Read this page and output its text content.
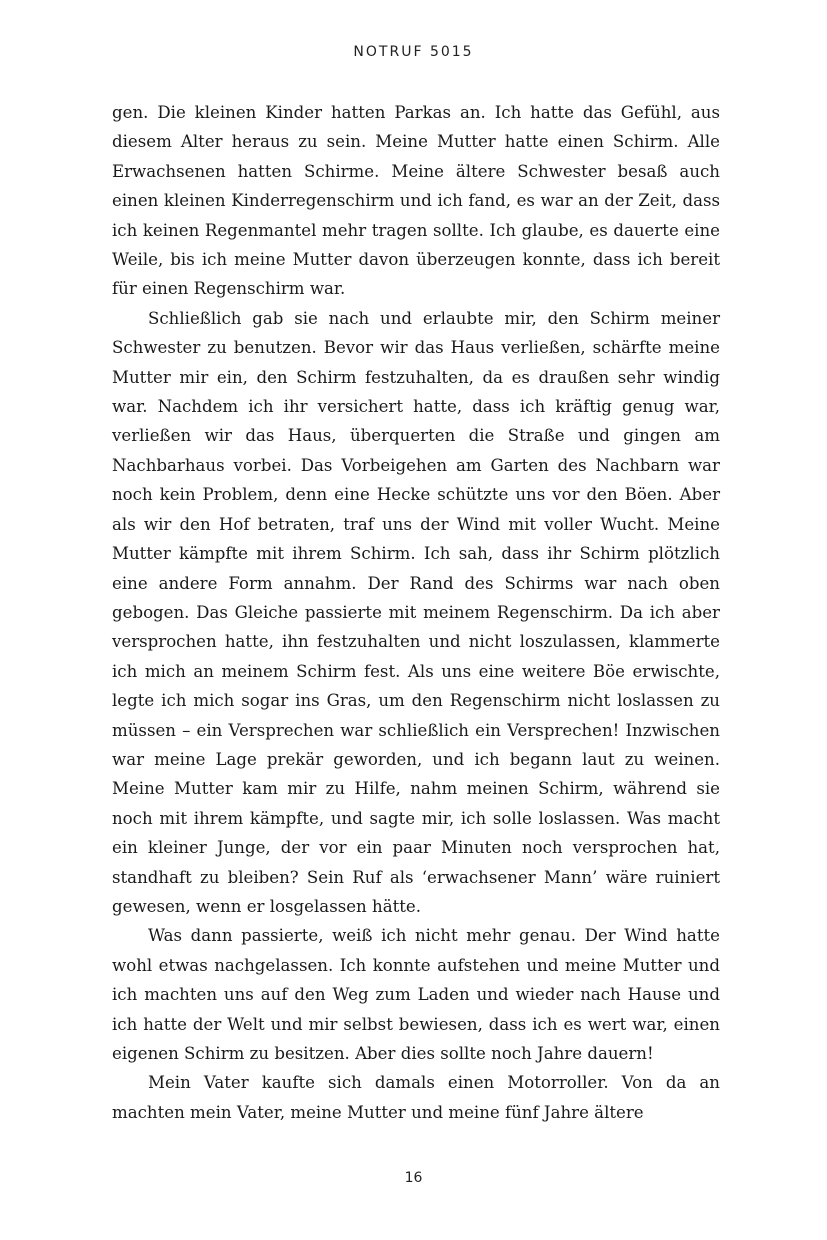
NOTRUF 5015

gen. Die kleinen Kinder hatten Parkas an. Ich hatte das Gefühl, aus diesem Alter heraus zu sein. Meine Mutter hatte einen Schirm. Alle Erwachsenen hatten Schirme. Meine ältere Schwester besaß auch einen kleinen Kinderregenschirm und ich fand, es war an der Zeit, dass ich keinen Regenmantel mehr tragen sollte. Ich glaube, es dauerte eine Weile, bis ich meine Mutter davon überzeugen konnte, dass ich bereit für einen Regenschirm war.

Schließlich gab sie nach und erlaubte mir, den Schirm meiner Schwester zu benutzen. Bevor wir das Haus verließen, schärfte meine Mutter mir ein, den Schirm festzuhalten, da es draußen sehr windig war. Nachdem ich ihr versichert hatte, dass ich kräftig genug war, verließen wir das Haus, überquerten die Straße und gingen am Nachbarhaus vorbei. Das Vorbeigehen am Garten des Nachbarn war noch kein Problem, denn eine Hecke schützte uns vor den Böen. Aber als wir den Hof betraten, traf uns der Wind mit voller Wucht. Meine Mutter kämpfte mit ihrem Schirm. Ich sah, dass ihr Schirm plötzlich eine andere Form annahm. Der Rand des Schirms war nach oben gebogen. Das Gleiche passierte mit meinem Regenschirm. Da ich aber versprochen hatte, ihn festzuhalten und nicht loszulassen, klammerte ich mich an meinem Schirm fest. Als uns eine weitere Böe erwischte, legte ich mich sogar ins Gras, um den Regenschirm nicht loslassen zu müssen – ein Versprechen war schließlich ein Versprechen! Inzwischen war meine Lage prekär geworden, und ich begann laut zu weinen. Meine Mutter kam mir zu Hilfe, nahm meinen Schirm, während sie noch mit ihrem kämpfte, und sagte mir, ich solle loslassen. Was macht ein kleiner Junge, der vor ein paar Minuten noch versprochen hat, standhaft zu bleiben? Sein Ruf als ‘erwachsener Mann’ wäre ruiniert gewesen, wenn er losgelassen hätte.

Was dann passierte, weiß ich nicht mehr genau. Der Wind hatte wohl etwas nachgelassen. Ich konnte aufstehen und meine Mutter und ich machten uns auf den Weg zum Laden und wieder nach Hause und ich hatte der Welt und mir selbst bewiesen, dass ich es wert war, einen eigenen Schirm zu besitzen. Aber dies sollte noch Jahre dauern!

Mein Vater kaufte sich damals einen Motorroller. Von da an machten mein Vater, meine Mutter und meine fünf Jahre ältere

16
